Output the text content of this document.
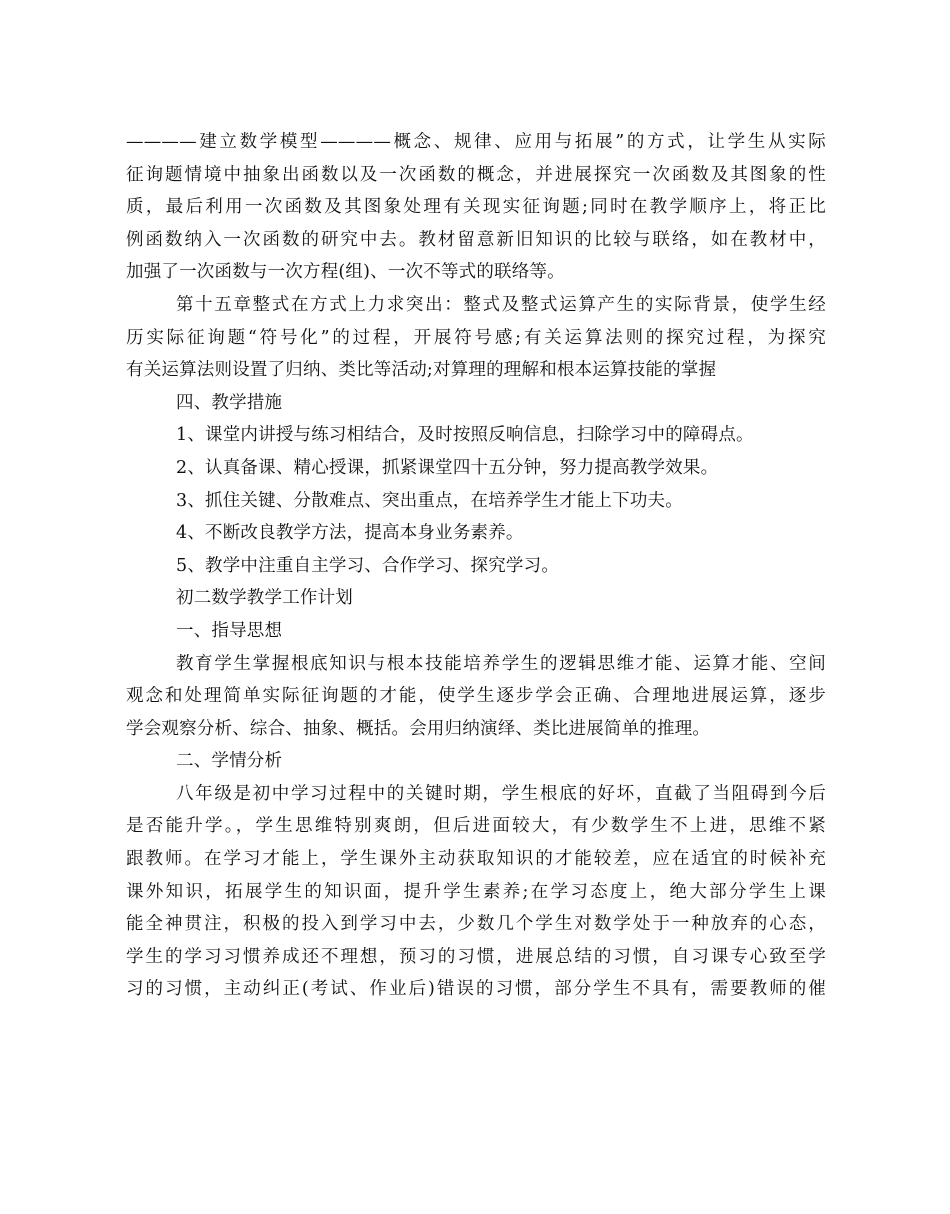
————建立数学模型————概念、规律、应用与拓展”的方式，让学生从实际
征询题情境中抽象出函数以及一次函数的概念，并进展探究一次函数及其图象的性
质，最后利用一次函数及其图象处理有关现实征询题;同时在教学顺序上，将正比
例函数纳入一次函数的研究中去。教材留意新旧知识的比较与联络，如在教材中，
加强了一次函数与一次方程(组)、一次不等式的联络等。
第十五章整式在方式上力求突出：整式及整式运算产生的实际背景，使学生经
历实际征询题“符号化”的过程，开展符号感;有关运算法则的探究过程，为探究
有关运算法则设置了归纳、类比等活动;对算理的理解和根本运算技能的掌握
四、教学措施
1、课堂内讲授与练习相结合，及时按照反响信息，扫除学习中的障碍点。
2、认真备课、精心授课，抓紧课堂四十五分钟，努力提高教学效果。
3、抓住关键、分散难点、突出重点，在培养学生才能上下功夫。
4、不断改良教学方法，提高本身业务素养。
5、教学中注重自主学习、合作学习、探究学习。
初二数学教学工作计划
一、指导思想
教育学生掌握根底知识与根本技能培养学生的逻辑思维才能、运算才能、空间
观念和处理简单实际征询题的才能，使学生逐步学会正确、合理地进展运算，逐步
学会观察分析、综合、抽象、概括。会用归纳演绎、类比进展简单的推理。
二、学情分析
八年级是初中学习过程中的关键时期，学生根底的好坏，直截了当阻碍到今后
是否能升学。，学生思维特别爽朗，但后进面较大，有少数学生不上进，思维不紧
跟教师。在学习才能上，学生课外主动获取知识的才能较差，应在适宜的时候补充
课外知识，拓展学生的知识面，提升学生素养;在学习态度上，绝大部分学生上课
能全神贯注，积极的投入到学习中去，少数几个学生对数学处于一种放弃的心态，
学生的学习习惯养成还不理想，预习的习惯，进展总结的习惯，自习课专心致至学
习的习惯，主动纠正(考试、作业后)错误的习惯，部分学生不具有，需要教师的催
